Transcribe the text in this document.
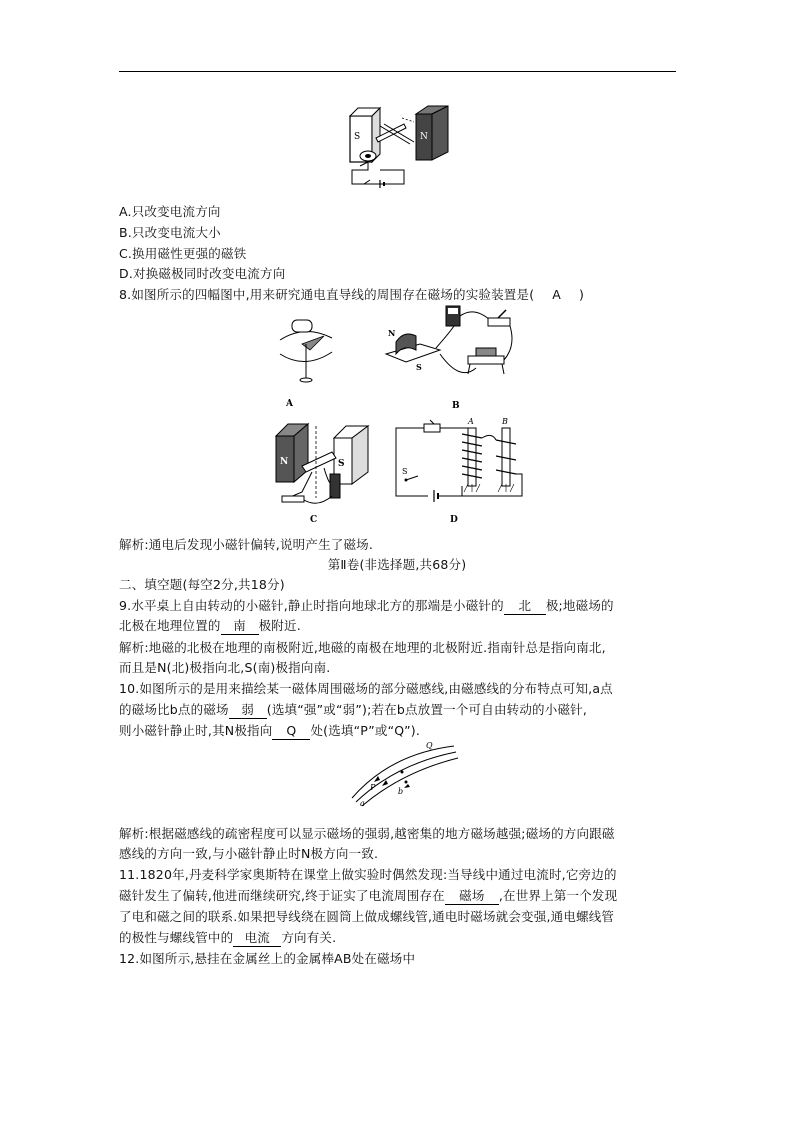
S	N
A.只改变电流方向
B.只改变电流大小
C.换用磁性更强的磁铁
D.对换磁极同时改变电流方向
8.如图所示的四幅图中,用来研究通电直导线的周围存在磁场的实验装置是( A )
A
N
S
B
N	S
C
S
A	B
D
解析:通电后发现小磁针偏转,说明产生了磁场.
第Ⅱ卷(非选择题,共68分)
二、填空题(每空2分,共18分)
9.水平桌上自由转动的小磁针,静止时指向地球北方的那端是小磁针的 北 极;地磁场的
北极在地理位置的 南 极附近.
解析:地磁的北极在地理的南极附近,地磁的南极在地理的北极附近.指南针总是指向南北,
而且是N(北)极指向北,S(南)极指向南.
10.如图所示的是用来描绘某一磁体周围磁场的部分磁感线,由磁感线的分布特点可知,a点
的磁场比b点的磁场 弱 (选填“强”或“弱”);若在b点放置一个可自由转动的小磁针,
则小磁针静止时,其N极指向 Q 处(选填“P”或“Q”).
Q
P
a
b
解析:根据磁感线的疏密程度可以显示磁场的强弱,越密集的地方磁场越强;磁场的方向跟磁
感线的方向一致,与小磁针静止时N极方向一致.
11.1820年,丹麦科学家奥斯特在课堂上做实验时偶然发现:当导线中通过电流时,它旁边的
磁针发生了偏转,他进而继续研究,终于证实了电流周围存在 磁场 ,在世界上第一个发现
了电和磁之间的联系.如果把导线绕在圆筒上做成螺线管,通电时磁场就会变强,通电螺线管
的极性与螺线管中的 电流 方向有关.
12.如图所示,悬挂在金属丝上的金属棒AB处在磁场中
